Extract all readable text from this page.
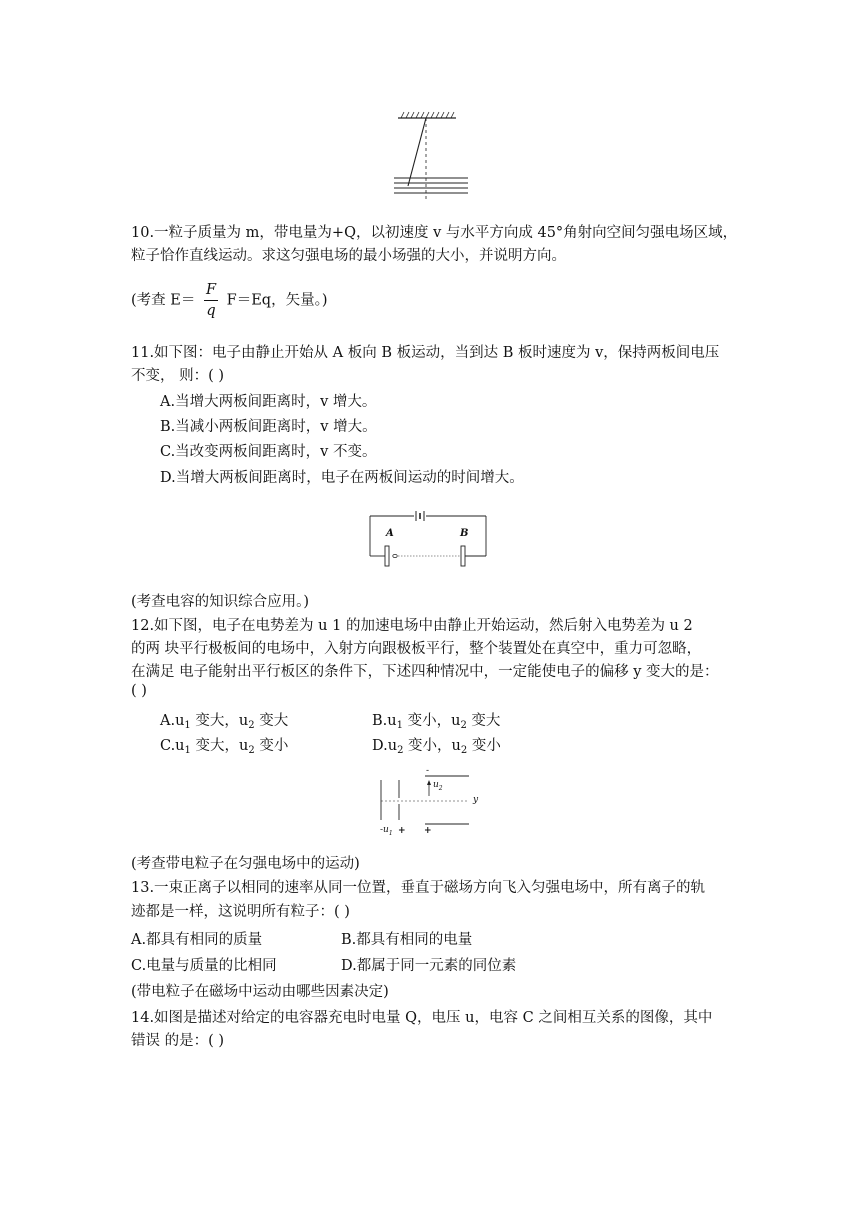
10.一粒子质量为 m，带电量为+Q，以初速度 v 与水平方向成 45°角射向空间匀强电场区域，
粒子恰作直线运动。求这匀强电场的最小场强的大小，并说明方向。
(考查 $E= \frac{F}{q} F=Eq$，矢量。)
11.如下图：电子由静止开始从 A 板向 B 板运动，当到达 B 板时速度为 v，保持两板间电压
不变， 则：( )
A.当增大两板间距离时，v 增大。
B.当减小两板间距离时，v 增大。
C.当改变两板间距离时，v 不变。
D.当增大两板间距离时，电子在两板间运动的时间增大。
A	B
(考查电容的知识综合应用。)
12.如下图，电子在电势差为 u 1 的加速电场中由静止开始运动，然后射入电势差为 u 2
的两 块平行极板间的电场中，入射方向跟极板平行，整个装置处在真空中，重力可忽略，
在满足 电子能射出平行板区的条件下，下述四种情况中，一定能使电子的偏移 y 变大的是：
( )
$A.u_1$ 变大，$u_2$ 变大	$B.u_1$ 变小，$u_2$ 变大
$C.u_1$ 变大，$u_2$ 变小	$D.u_2$ 变小，$u_2$ 变小
-
$u_2$
y
$-u_1$ + +
(考查带电粒子在匀强电场中的运动)
13.一束正离子以相同的速率从同一位置，垂直于磁场方向飞入匀强电场中，所有离子的轨
迹都是一样，这说明所有粒子：( )
A.都具有相同的质量	B.都具有相同的电量
C.电量与质量的比相同	D.都属于同一元素的同位素
(带电粒子在磁场中运动由哪些因素决定)
14.如图是描述对给定的电容器充电时电量 Q，电压 u，电容 C 之间相互关系的图像，其中
错误 的是：( )
